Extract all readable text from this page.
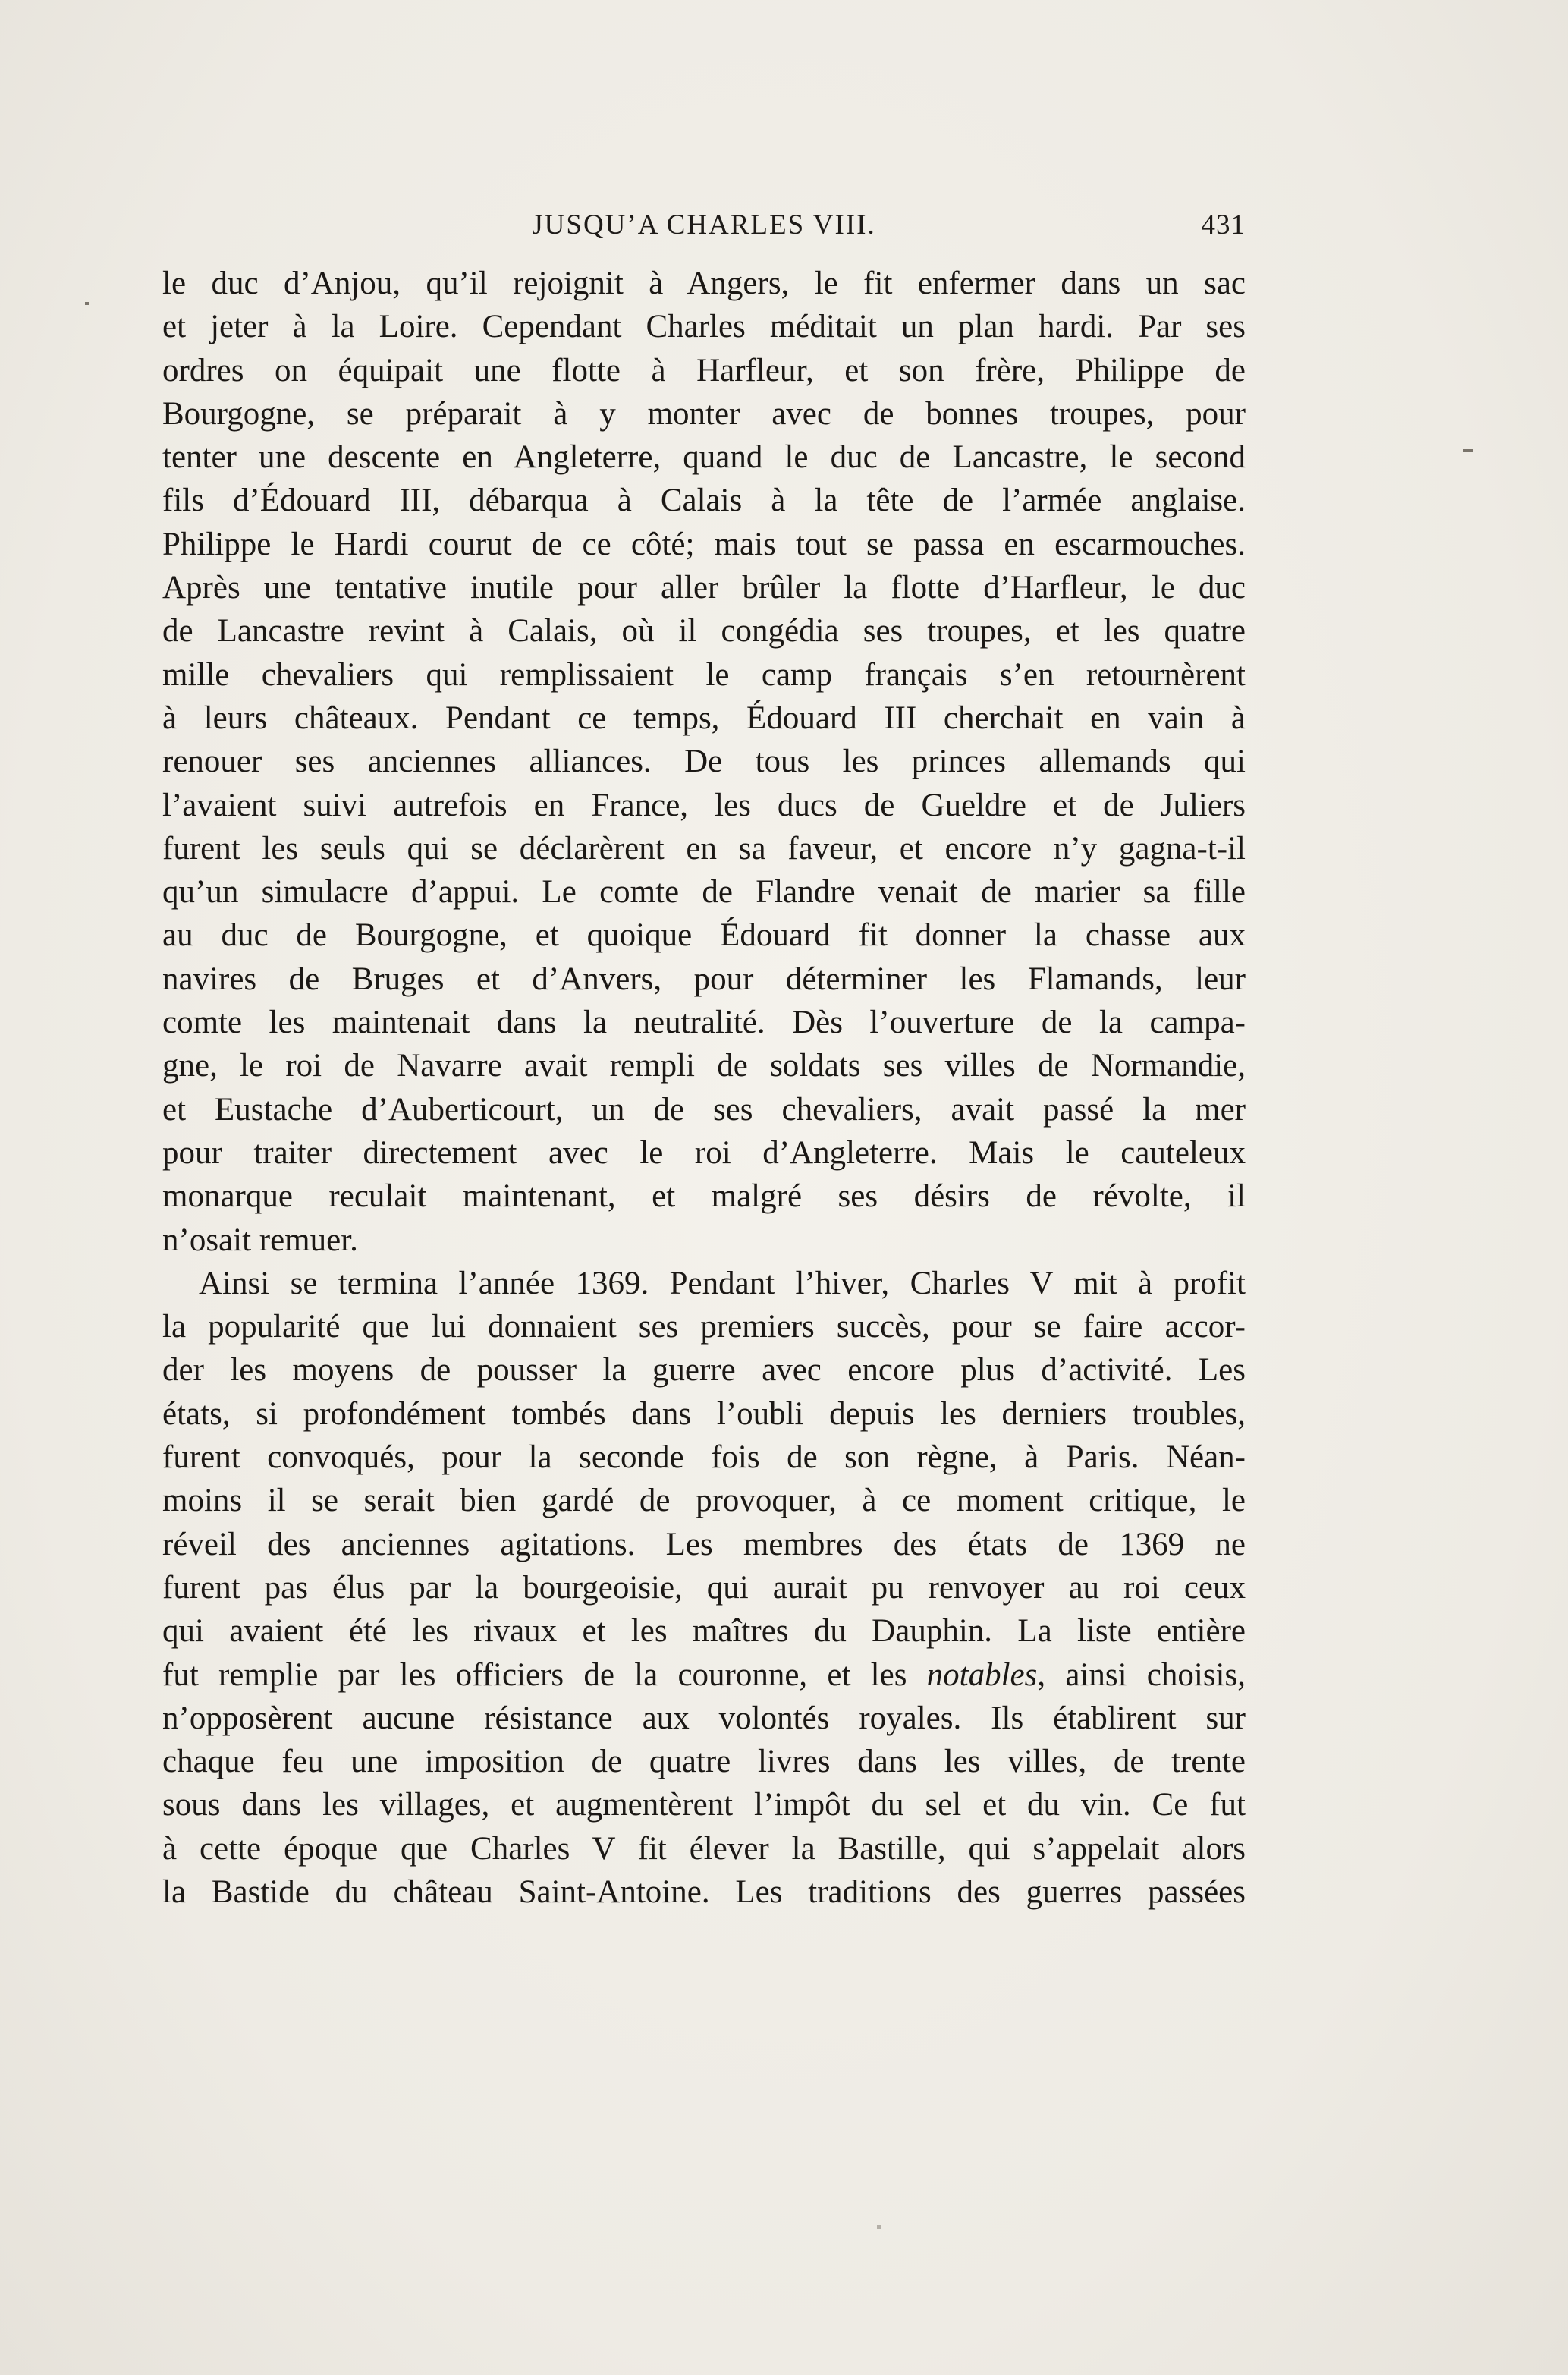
JUSQU’A CHARLES VIII.	431
le duc d’Anjou, qu’il rejoignit à Angers, le fit enfermer dans un sac
et jeter à la Loire. Cependant Charles méditait un plan hardi. Par ses
ordres on équipait une flotte à Harfleur, et son frère, Philippe de
Bourgogne, se préparait à y monter avec de bonnes troupes, pour
tenter une descente en Angleterre, quand le duc de Lancastre, le second
fils d’Édouard III, débarqua à Calais à la tête de l’armée anglaise.
Philippe le Hardi courut de ce côté; mais tout se passa en escarmouches.
Après une tentative inutile pour aller brûler la flotte d’Harfleur, le duc
de Lancastre revint à Calais, où il congédia ses troupes, et les quatre
mille chevaliers qui remplissaient le camp français s’en retournèrent
à leurs châteaux. Pendant ce temps, Édouard III cherchait en vain à
renouer ses anciennes alliances. De tous les princes allemands qui
l’avaient suivi autrefois en France, les ducs de Gueldre et de Juliers
furent les seuls qui se déclarèrent en sa faveur, et encore n’y gagna-t-il
qu’un simulacre d’appui. Le comte de Flandre venait de marier sa fille
au duc de Bourgogne, et quoique Édouard fit donner la chasse aux
navires de Bruges et d’Anvers, pour déterminer les Flamands, leur
comte les maintenait dans la neutralité. Dès l’ouverture de la campa-
gne, le roi de Navarre avait rempli de soldats ses villes de Normandie,
et Eustache d’Auberticourt, un de ses chevaliers, avait passé la mer
pour traiter directement avec le roi d’Angleterre. Mais le cauteleux
monarque reculait maintenant, et malgré ses désirs de révolte, il
n’osait remuer.
Ainsi se termina l’année 1369. Pendant l’hiver, Charles V mit à profit
la popularité que lui donnaient ses premiers succès, pour se faire accor-
der les moyens de pousser la guerre avec encore plus d’activité. Les
états, si profondément tombés dans l’oubli depuis les derniers troubles,
furent convoqués, pour la seconde fois de son règne, à Paris. Néan-
moins il se serait bien gardé de provoquer, à ce moment critique, le
réveil des anciennes agitations. Les membres des états de 1369 ne
furent pas élus par la bourgeoisie, qui aurait pu renvoyer au roi ceux
qui avaient été les rivaux et les maîtres du Dauphin. La liste entière
fut remplie par les officiers de la couronne, et les notables, ainsi choisis,
n’opposèrent aucune résistance aux volontés royales. Ils établirent sur
chaque feu une imposition de quatre livres dans les villes, de trente
sous dans les villages, et augmentèrent l’impôt du sel et du vin. Ce fut
à cette époque que Charles V fit élever la Bastille, qui s’appelait alors
la Bastide du château Saint-Antoine. Les traditions des guerres passées
